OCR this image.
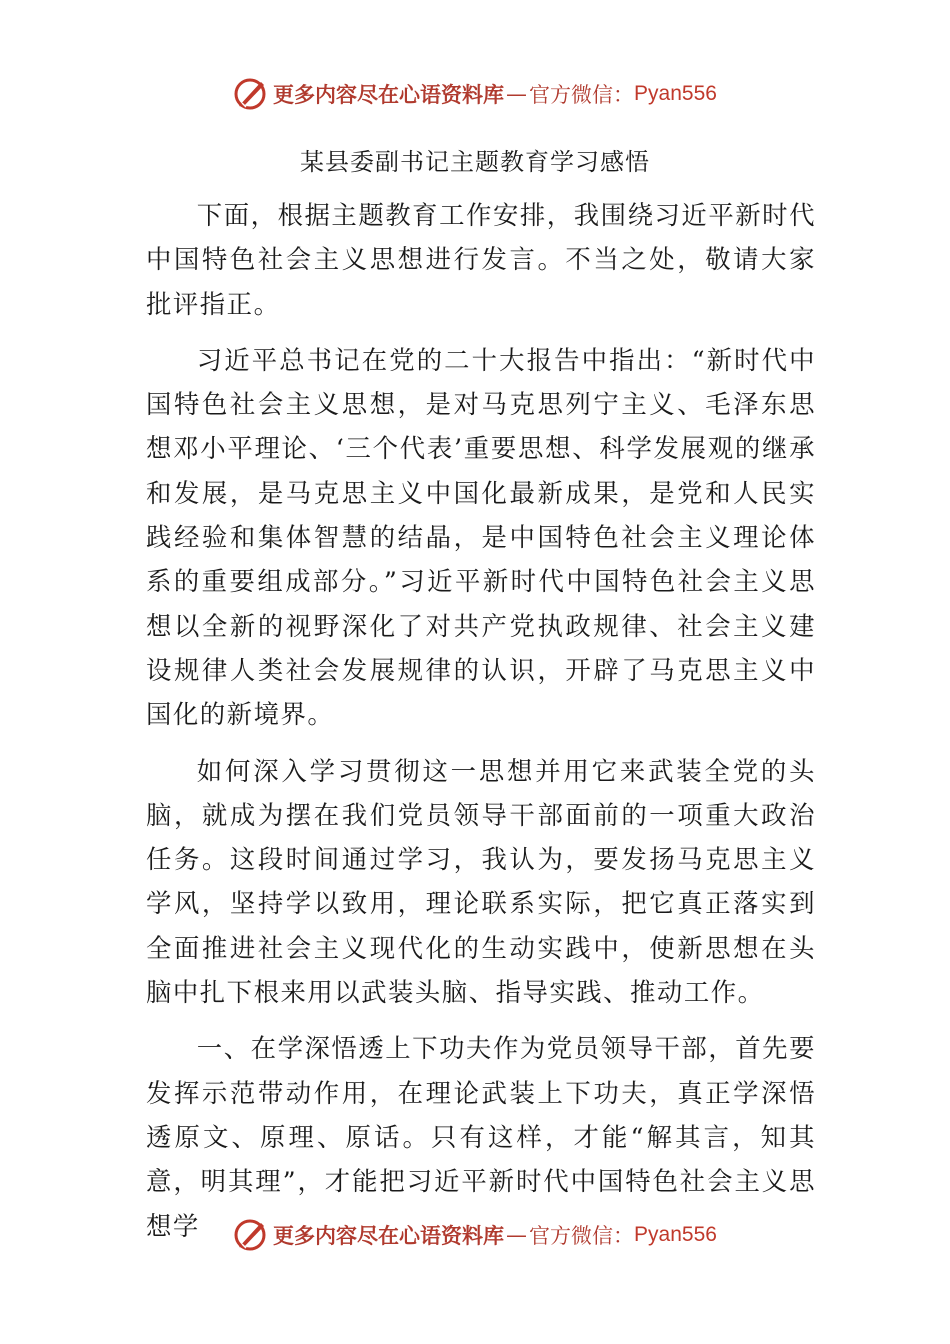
更多内容尽在心语资料库 — 官方微信： Pyan556
某县委副书记主题教育学习感悟

下面，根据主题教育工作安排，我围绕习近平新时代中国特色社会主义思想进行发言。不当之处，敬请大家批评指正。

习近平总书记在党的二十大报告中指出：“新时代中国特色社会主义思想，是对马克思列宁主义、毛泽东思想邓小平理论、‘三个代表’重要思想、科学发展观的继承和发展，是马克思主义中国化最新成果，是党和人民实践经验和集体智慧的结晶，是中国特色社会主义理论体系的重要组成部分。”习近平新时代中国特色社会主义思想以全新的视野深化了对共产党执政规律、社会主义建设规律人类社会发展规律的认识，开辟了马克思主义中国化的新境界。

如何深入学习贯彻这一思想并用它来武装全党的头脑，就成为摆在我们党员领导干部面前的一项重大政治任务。这段时间通过学习，我认为，要发扬马克思主义学风，坚持学以致用，理论联系实际，把它真正落实到全面推进社会主义现代化的生动实践中，使新思想在头脑中扎下根来用以武装头脑、指导实践、推动工作。

一、在学深悟透上下功夫作为党员领导干部，首先要发挥示范带动作用，在理论武装上下功夫，真正学深悟透原文、原理、原话。只有这样，才能“解其言，知其意，明其理”，才能把习近平新时代中国特色社会主义思想学	更多内容尽在心语资料库 — 官方微信： Pyan556
